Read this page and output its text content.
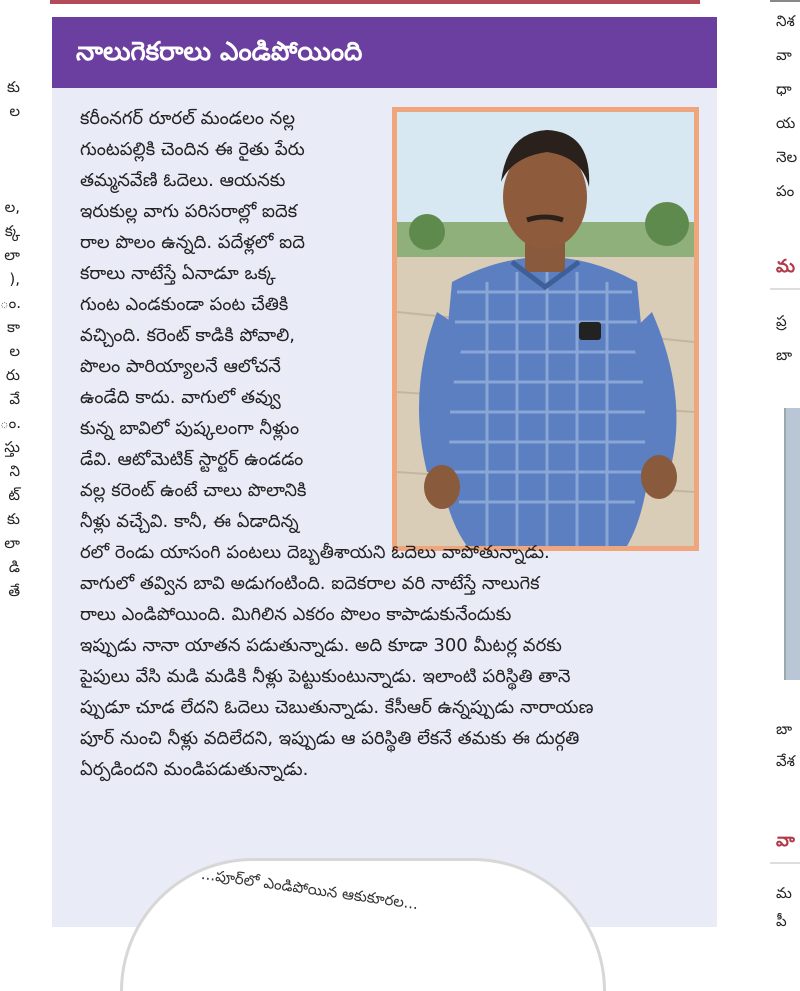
కు
ల
ల,
క్క
లా
),
ం.
కా
ల
రు
వే
ం.
స్తు
ని
ట్
కు
లా
డి
తే
నాలుగెకరాలు ఎండిపోయింది
కరీంనగర్ రూరల్ మండలం నల్ల
గుంటపల్లికి చెందిన ఈ రైతు పేరు
తమ్మనవేణి ఓదెలు. ఆయనకు
ఇరుకుల్ల వాగు పరిసరాల్లో ఐదెక
రాల పొలం ఉన్నది. పదేళ్లలో ఐదె
కరాలు నాటేస్తే ఏనాడూ ఒక్క
గుంట ఎండకుండా పంట చేతికి
వచ్చింది. కరెంట్ కాడికి పోవాలి,
పొలం పారియ్యాలనే ఆలోచనే
ఉండేది కాదు. వాగులో తవ్వు
కున్న బావిలో పుష్కలంగా నీళ్లుం
డేవి. ఆటోమెటిక్ స్టార్టర్ ఉండడం
వల్ల కరెంట్ ఉంటే చాలు పొలానికి
నీళ్లు వచ్చేవి. కానీ, ఈ ఏడాదిన్న
రలో రెండు యాసంగి పంటలు దెబ్బతీశాయని ఓదెలు వాపోతున్నాడు.
వాగులో తవ్విన బావి అడుగంటింది. ఐదెకరాల వరి నాటేస్తే నాలుగెక
రాలు ఎండిపోయింది. మిగిలిన ఎకరం పొలం కాపాడుకునేందుకు
ఇప్పుడు నానా యాతన పడుతున్నాడు. అది కూడా 300 మీటర్ల వరకు
పైపులు వేసి మడి మడికి నీళ్లు పెట్టుకుంటున్నాడు. ఇలాంటి పరిస్థితి తానె
ప్పుడూ చూడ లేదని ఓదెలు చెబుతున్నాడు. కేసీఆర్ ఉన్నప్పుడు నారాయణ
పూర్ నుంచి నీళ్లు వదిలేదని, ఇప్పుడు ఆ పరిస్థితి లేకనే తమకు ఈ దుర్గతి
ఏర్పడిందని మండిపడుతున్నాడు.
...పూర్‌లో ఎండిపోయిన ఆకుకూరల...
నిశ
వా
ధా
య
నెల
పం
మ
ప్ర
బా
బా
వేశ
వా
మ
పీ
